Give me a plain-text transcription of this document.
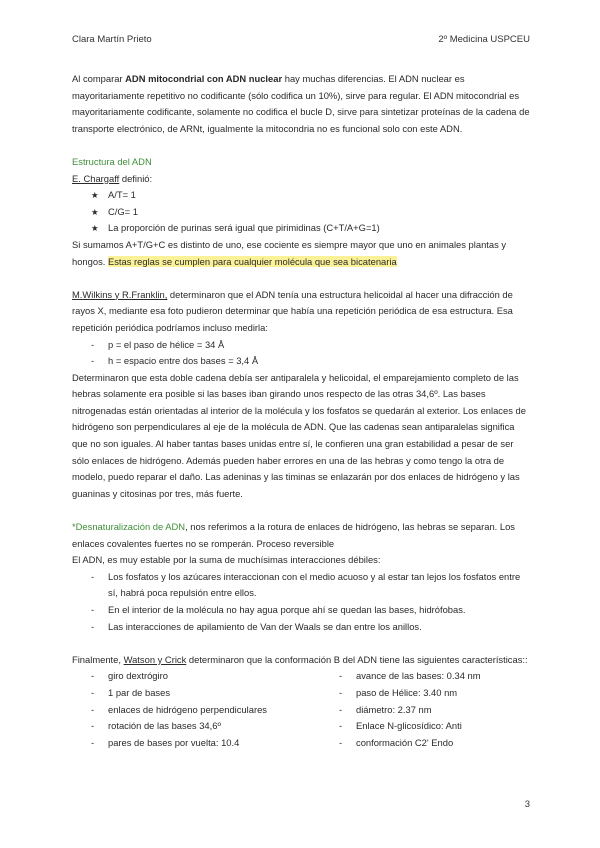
Clara Martín Prieto	2º Medicina USPCEU

Al comparar ADN mitocondrial con ADN nuclear hay muchas diferencias. El ADN nuclear es mayoritariamente repetitivo no codificante (sólo codifica un 10%), sirve para regular. El ADN mitocondrial es mayoritariamente codificante, solamente no codifica el bucle D, sirve para sintetizar proteínas de la cadena de transporte electrónico, de ARNt, igualmente la mitocondria no es funcional solo con este ADN.

Estructura del ADN

E. Chargaff definió:

★ A/T= 1
★ C/G= 1
★ La proporción de purinas será igual que pirimidinas (C+T/A+G=1)

Si sumamos A+T/G+C es distinto de uno, ese cociente es siempre mayor que uno en animales plantas y hongos. Estas reglas se cumplen para cualquier molécula que sea bicatenaria

M.Wilkins y R.Franklin, determinaron que el ADN tenía una estructura helicoidal al hacer una difracción de rayos X, mediante esa foto pudieron determinar que había una repetición periódica de esa estructura. Esa repetición periódica podríamos incluso medirla:

- p = el paso de hélice = 34 Å
- h = espacio entre dos bases = 3,4 Å

Determinaron que esta doble cadena debía ser antiparalela y helicoidal, el emparejamiento completo de las hebras solamente era posible si las bases iban girando unos respecto de las otras 34,6º. Las bases nitrogenadas están orientadas al interior de la molécula y los fosfatos se quedarán al exterior. Los enlaces de hidrógeno son perpendiculares al eje de la molécula de ADN. Que las cadenas sean antiparalelas significa que no son iguales. Al haber tantas bases unidas entre sí, le confieren una gran estabilidad a pesar de ser sólo enlaces de hidrógeno. Además pueden haber errores en una de las hebras y como tengo la otra de modelo, puedo reparar el daño. Las adeninas y las timinas se enlazarán por dos enlaces de hidrógeno y las guaninas y citosinas por tres, más fuerte.

*Desnaturalización de ADN, nos referimos a la rotura de enlaces de hidrógeno, las hebras se separan. Los enlaces covalentes fuertes no se romperán. Proceso reversible

El ADN, es muy estable por la suma de muchísimas interacciones débiles:

- Los fosfatos y los azúcares interaccionan con el medio acuoso y al estar tan lejos los fosfatos entre sí, habrá poca repulsión entre ellos.
- En el interior de la molécula no hay agua porque ahí se quedan las bases, hidrófobas.
- Las interacciones de apilamiento de Van der Waals se dan entre los anillos.

Finalmente, Watson y Crick determinaron que la conformación B del ADN tiene las siguientes características::

- giro dextrógiro
- 1 par de bases
- enlaces de hidrógeno perpendiculares
- rotación de las bases 34,6º
- pares de bases por vuelta: 10.4
- avance de las bases: 0.34 nm
- paso de Hélice: 3.40 nm
- diámetro: 2.37 nm
- Enlace N-glicosídico: Anti
- conformación C2' Endo
3
